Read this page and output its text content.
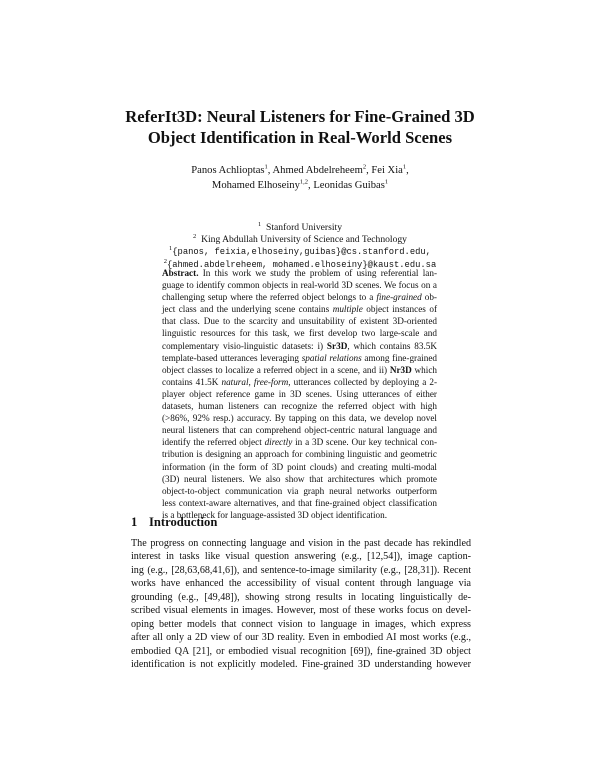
ReferIt3D: Neural Listeners for Fine-Grained 3D
Object Identification in Real-World Scenes
Panos Achlioptas$^1$, Ahmed Abdelreheem$^2$, Fei Xia$^1$,
Mohamed Elhoseiny$^{1,2}$, Leonidas Guibas$^1$
$^1$ Stanford University
$^2$ King Abdullah University of Science and Technology
$^1${panos, feixia,elhoseiny,guibas}@cs.stanford.edu,
$^2${ahmed.abdelreheem, mohamed.elhoseiny}@kaust.edu.sa
Abstract. In this work we study the problem of using referential lan-
guage to identify common objects in real-world 3D scenes. We focus on a
challenging setup where the referred object belongs to a fine-grained ob-
ject class and the underlying scene contains multiple object instances of
that class. Due to the scarcity and unsuitability of existent 3D-oriented
linguistic resources for this task, we first develop two large-scale and
complementary visio-linguistic datasets: i) Sr3D, which contains 83.5K
template-based utterances leveraging spatial relations among fine-grained
object classes to localize a referred object in a scene, and ii) Nr3D which
contains 41.5K natural, free-form, utterances collected by deploying a 2-
player object reference game in 3D scenes. Using utterances of either
datasets, human listeners can recognize the referred object with high
(>86%, 92% resp.) accuracy. By tapping on this data, we develop novel
neural listeners that can comprehend object-centric natural language and
identify the referred object directly in a 3D scene. Our key technical con-
tribution is designing an approach for combining linguistic and geometric
information (in the form of 3D point clouds) and creating multi-modal
(3D) neural listeners. We also show that architectures which promote
object-to-object communication via graph neural networks outperform
less context-aware alternatives, and that fine-grained object classification
is a bottleneck for language-assisted 3D object identification.
1 Introduction
The progress on connecting language and vision in the past decade has rekindled
interest in tasks like visual question answering (e.g., [12,54]), image caption-
ing (e.g., [28,63,68,41,6]), and sentence-to-image similarity (e.g., [28,31]). Recent
works have enhanced the accessibility of visual content through language via
grounding (e.g., [49,48]), showing strong results in locating linguistically de-
scribed visual elements in images. However, most of these works focus on devel-
oping better models that connect vision to language in images, which express
after all only a 2D view of our 3D reality. Even in embodied AI most works (e.g.,
embodied QA [21], or embodied visual recognition [69]), fine-grained 3D object
identification is not explicitly modeled. Fine-grained 3D understanding however
